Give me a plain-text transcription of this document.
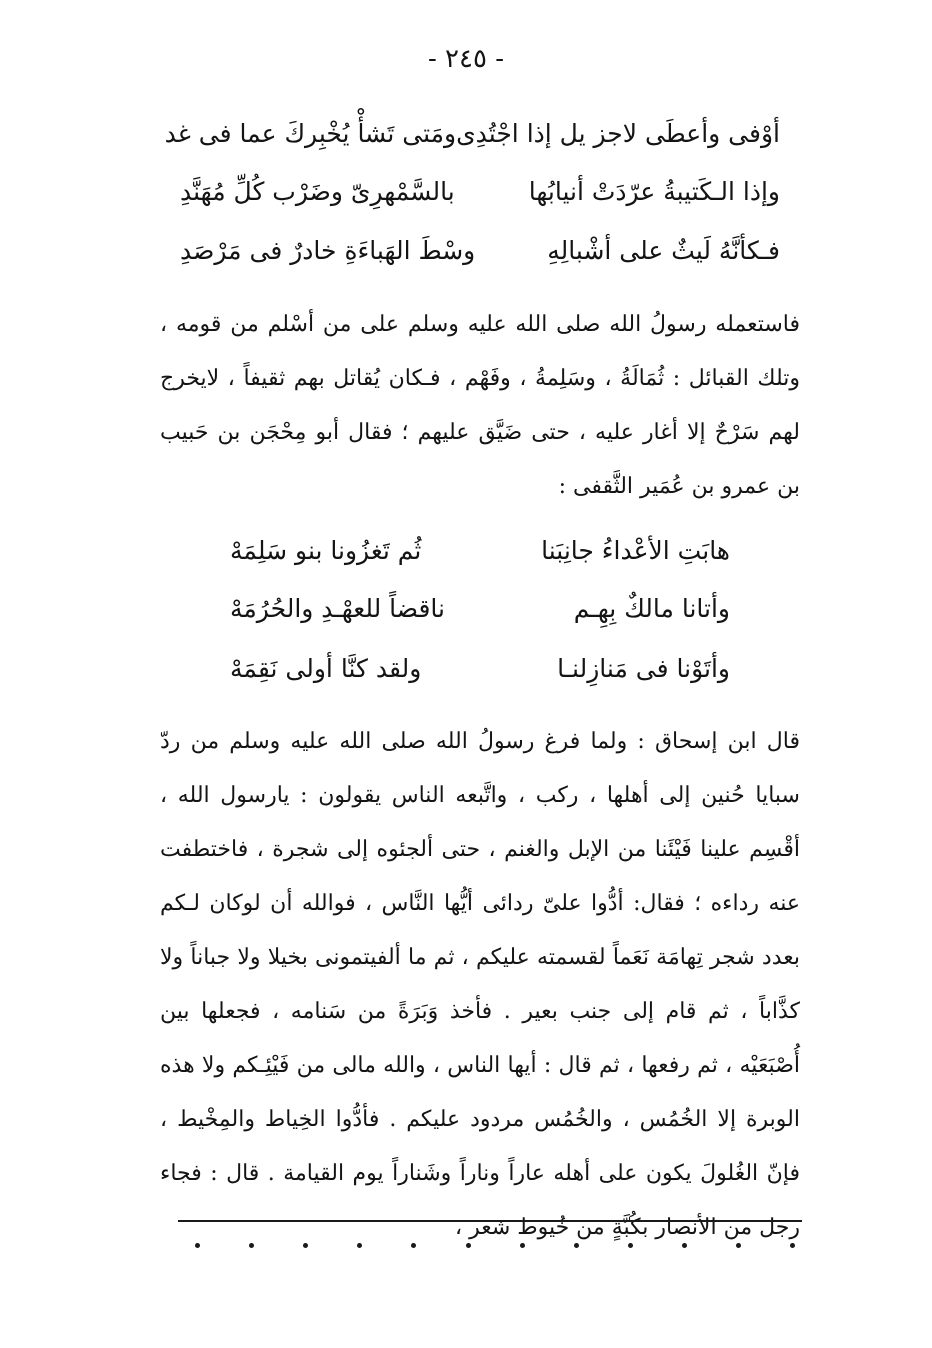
- ٢٤٥ -
أوْفى وأعطَى لاجز يل إذا اجْتُدِى
ومَتى تَشأْ يُخْبِركَ عما فى غد
وإذا الـكَتيبةُ عرّدَتْ أنيابُها
بالسَّمْهرِىّ وضَرْب كُلِّ مُهَنَّدِ
فـكأنَّهُ لَيثٌ على أشْبالِهِ
وسْطَ الهَباءَةِ خادرٌ فى مَرْصَدِ
فاستعمله رسولُ الله صلى الله عليه وسلم على من أسْلم من قومه ، وتلك القبائل : ثُمَالَةُ ، وسَلِمةُ ، وفَهْم ، فـكان يُقاتل بهم ثقيفاً ، لايخرج لهم سَرْحٌ إلا أغار عليه ، حتى ضَيَّق عليهم ؛ فقال أبو مِحْجَن بن حَبيب بن عمرو بن عُمَير الثَّقفى :
هابَتِ الأعْداءُ جانِبَنا
ثُم تَغزُونا بنو سَلِمَهْ
وأتانا مالكٌ بِهِـم
ناقضاً للعهْـدِ والحُرُمَهْ
وأتَوْنا فى مَنازِلنـا
ولقد كنَّا أولى نَقِمَهْ
قال ابن إسحاق : ولما فرغ رسولُ الله صلى الله عليه وسلم من ردّ سبايا حُنين إلى أهلها ، ركب ، واتَّبعه الناس يقولون : يارسول الله ، أقْسِم علينا فَيْئَنا من الإبل والغنم ، حتى ألجئوه إلى شجرة ، فاختطفت عنه رداءه ؛ فقال: أدُّوا علىّ ردائى أيُّها النَّاس ، فوالله أن لوكان لـكم بعدد شجر تِهامَة نَعَماً لقسمته عليكم ، ثم ما ألفيتمونى بخيلا ولا جباناً ولا كذَّاباً ، ثم قام إلى جنب بعير . فأخذ وَبَرَةً من سَنامه ، فجعلها بين أُصْبَعَيْه ، ثم رفعها ، ثم قال : أيها الناس ، والله مالى من فَيْئِـكم ولا هذه الوبرة إلا الخُمُس ، والخُمُس مردود عليكم . فأدُّوا الخِياط والمِخْيط ، فإنّ الغُلولَ يكون على أهله عاراً وناراً وشَناراً يوم القيامة . قال : فجاء رجل من الأنصار بكُبَّةٍ من خُيوط شعر ،
